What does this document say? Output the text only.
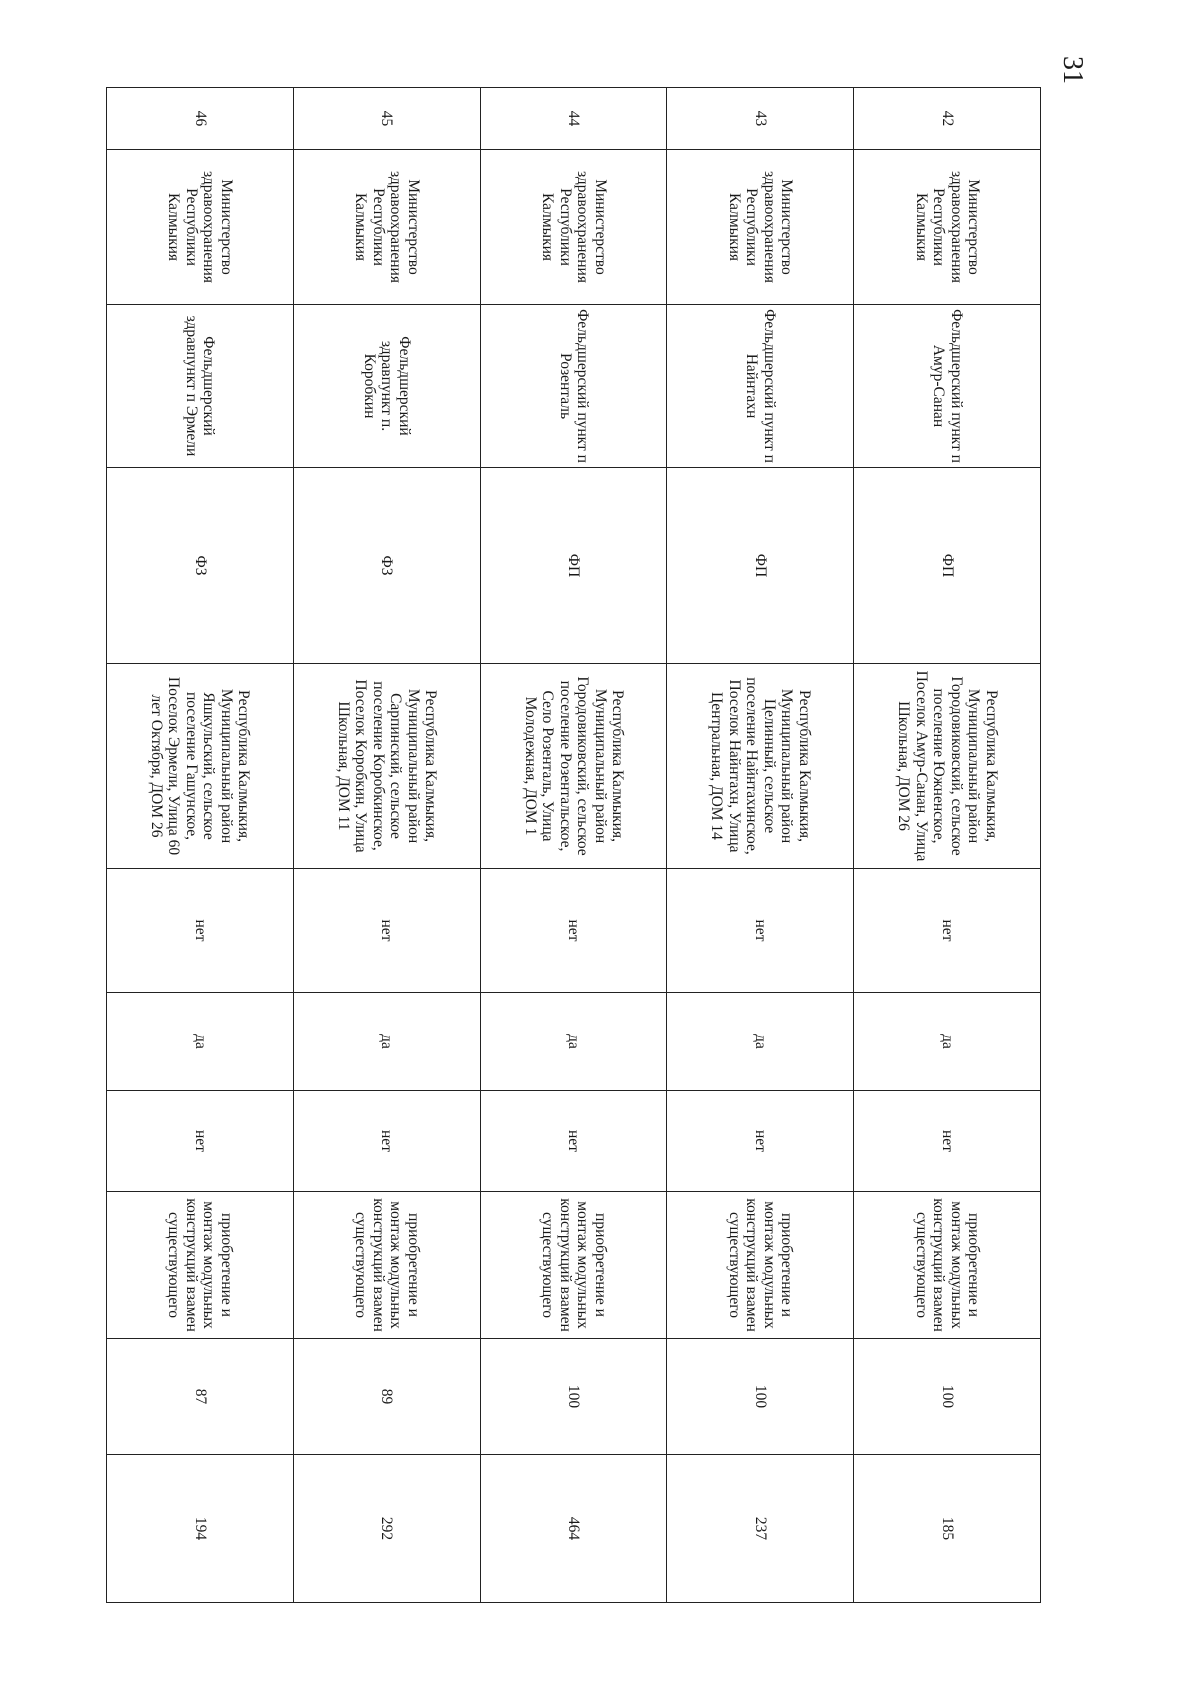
31
42	Министерство здравоохранения Республики Калмыкия	Фельдшерский пункт п Амур-Санан	ФП	Республика Калмыкия, Муниципальный район Городовиковский, сельское поселение Южненское, Поселок Амур-Санан, Улица Школьная, ДОМ 26	нет	да	нет	приобретение и монтаж модульных конструкций взамен существующего	100	185
43	Министерство здравоохранения Республики Калмыкия	Фельдшерский пункт п Найнтахн	ФП	Республика Калмыкия, Муниципальный район Целинный, сельское поселение Найнтахинское, Поселок Найнтахн, Улица Центральная, ДОМ 14	нет	да	нет	приобретение и монтаж модульных конструкций взамен существующего	100	237
44	Министерство здравоохранения Республики Калмыкия	Фельдшерский пункт п Розенталь	ФП	Республика Калмыкия, Муниципальный район Городовиковский, сельское поселение Розентальское, Село Розенталь, Улица Молодежная, ДОМ 1	нет	да	нет	приобретение и монтаж модульных конструкций взамен существующего	100	464
45	Министерство здравоохранения Республики Калмыкия	Фельдшерский здравпункт п. Коробкин	ФЗ	Республика Калмыкия, Муниципальный район Сарпинский, сельское поселение Коробкинское, Поселок Коробкин, Улица Школьная, ДОМ 11	нет	да	нет	приобретение и монтаж модульных конструкций взамен существующего	89	292
46	Министерство здравоохранения Республики Калмыкия	Фельдшерский здравпункт п Эрмели	ФЗ	Республика Калмыкия, Муниципальный район Яшкульский, сельское поселение Гашунское, Поселок Эрмели, Улица 60 лет Октября, ДОМ 26	нет	да	нет	приобретение и монтаж модульных конструкций взамен существующего	87	194
